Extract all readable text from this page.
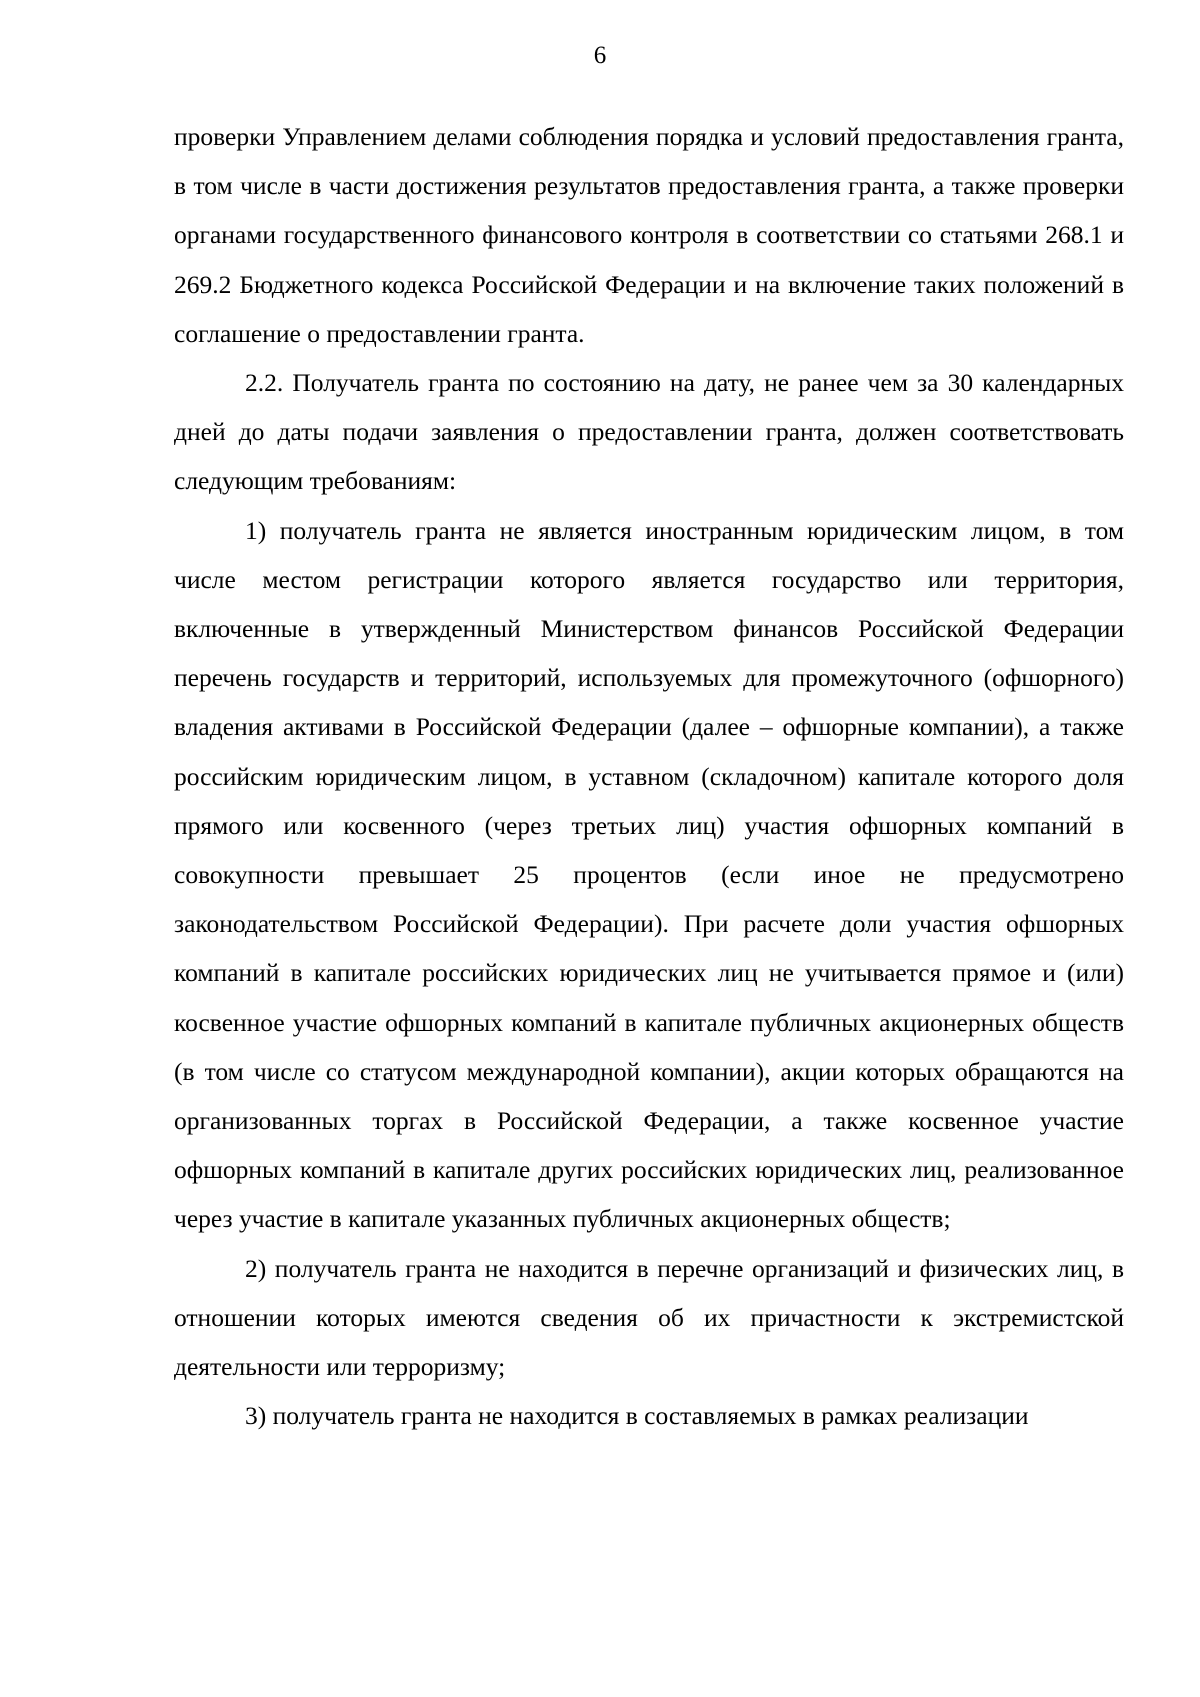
6

проверки Управлением делами соблюдения порядка и условий предоставления гранта, в том числе в части достижения результатов предоставления гранта, а также проверки органами государственного финансового контроля в соответствии со статьями 268.1 и 269.2 Бюджетного кодекса Российской Федерации и на включение таких положений в соглашение о предоставлении гранта.

2.2. Получатель гранта по состоянию на дату, не ранее чем за 30 календарных дней до даты подачи заявления о предоставлении гранта, должен соответствовать следующим требованиям:

1) получатель гранта не является иностранным юридическим лицом, в том числе местом регистрации которого является государство или территория, включенные в утвержденный Министерством финансов Российской Федерации перечень государств и территорий, используемых для промежуточного (офшорного) владения активами в Российской Федерации (далее – офшорные компании), а также российским юридическим лицом, в уставном (складочном) капитале которого доля прямого или косвенного (через третьих лиц) участия офшорных компаний в совокупности превышает 25 процентов (если иное не предусмотрено законодательством Российской Федерации). При расчете доли участия офшорных компаний в капитале российских юридических лиц не учитывается прямое и (или) косвенное участие офшорных компаний в капитале публичных акционерных обществ (в том числе со статусом международной компании), акции которых обращаются на организованных торгах в Российской Федерации, а также косвенное участие офшорных компаний в капитале других российских юридических лиц, реализованное через участие в капитале указанных публичных акционерных обществ;

2) получатель гранта не находится в перечне организаций и физических лиц, в отношении которых имеются сведения об их причастности к экстремистской деятельности или терроризму;

3) получатель гранта не находится в составляемых в рамках реализации
